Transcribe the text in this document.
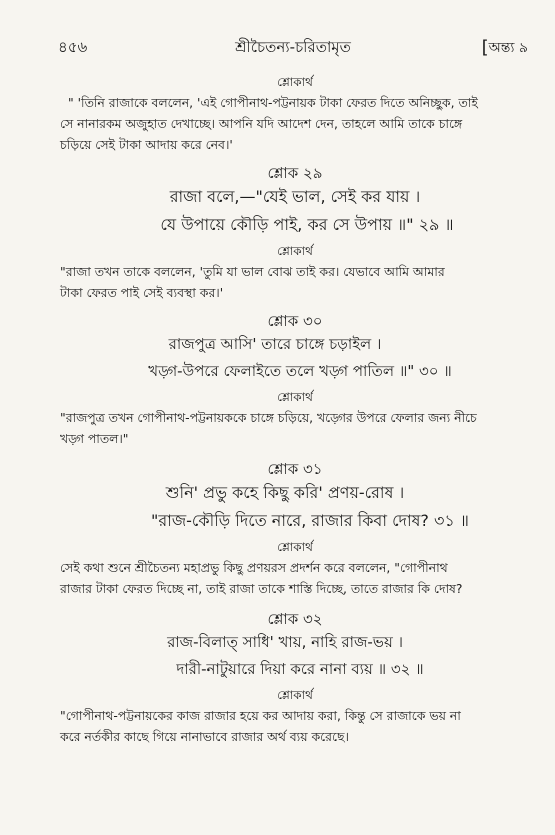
৪৫৬	শ্রীচৈতন্য-চরিতামৃত	[অন্ত্য ৯

শ্লোকার্থ

" 'তিনি রাজাকে বললেন, 'এই গোপীনাথ-পট্টনায়ক টাকা ফেরত দিতে অনিচ্ছুক, তাই
সে নানারকম অজুহাত দেখাচ্ছে। আপনি যদি আদেশ দেন, তাহলে আমি তাকে চাঙ্গে
চড়িয়ে সেই টাকা আদায় করে নেব।'

শ্লোক ২৯

রাজা বলে,—"যেই ভাল, সেই কর যায় ।

যে উপায়ে কৌড়ি পাই, কর সে উপায় ॥" ২৯ ॥

শ্লোকার্থ

"রাজা তখন তাকে বললেন, 'তুমি যা ভাল বোঝ তাই কর। যেভাবে আমি আমার
টাকা ফেরত পাই সেই ব্যবস্থা কর।'

শ্লোক ৩০

রাজপুত্র আসি' তারে চাঙ্গে চড়াইল ।

খড়্গ-উপরে ফেলাইতে তলে খড়্গ পাতিল ॥" ৩০ ॥

শ্লোকার্থ

"রাজপুত্র তখন গোপীনাথ-পট্টনায়ককে চাঙ্গে চড়িয়ে, খড়্গের উপরে ফেলার জন্য নীচে
খড়্গ পাতল।"

শ্লোক ৩১

শুনি' প্রভু কহে কিছু করি' প্রণয়-রোষ ।

"রাজ-কৌড়ি দিতে নারে, রাজার কিবা দোষ? ৩১ ॥

শ্লোকার্থ

সেই কথা শুনে শ্রীচৈতন্য মহাপ্রভু কিছু প্রণয়রস প্রদর্শন করে বললেন, "গোপীনাথ
রাজার টাকা ফেরত দিচ্ছে না, তাই রাজা তাকে শাস্তি দিচ্ছে, তাতে রাজার কি দোষ?

শ্লোক ৩২

রাজ-বিলাত্ সাধি' খায়, নাহি রাজ-ভয় ।

দারী-নাটুয়ারে দিয়া করে নানা ব্যয় ॥ ৩২ ॥

শ্লোকার্থ

"গোপীনাথ-পট্টনায়কের কাজ রাজার হয়ে কর আদায় করা, কিন্তু সে রাজাকে ভয় না
করে নর্তকীর কাছে গিয়ে নানাভাবে রাজার অর্থ ব্যয় করেছে।
